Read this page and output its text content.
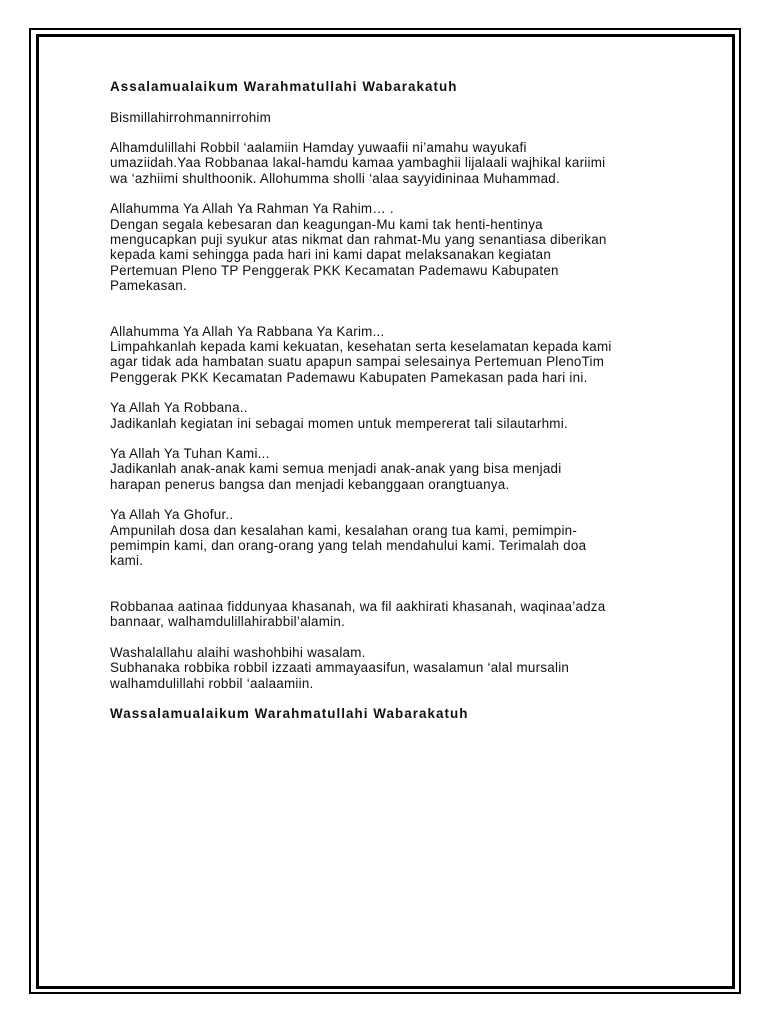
Assalamualaikum Warahmatullahi Wabarakatuh

Bismillahirrohmannirrohim

Alhamdulillahi Robbil ‘aalamiin Hamday yuwaafii ni’amahu wayukafi
umaziidah.Yaa Robbanaa lakal-hamdu kamaa yambaghii lijalaali wajhikal kariimi
wa ‘azhiimi shulthoonik. Allohumma sholli ‘alaa sayyidininaa Muhammad.

Allahumma Ya Allah Ya Rahman Ya Rahim… .
Dengan segala kebesaran dan keagungan-Mu kami tak henti-hentinya
mengucapkan puji syukur atas nikmat dan rahmat-Mu yang senantiasa diberikan
kepada kami sehingga pada hari ini kami dapat melaksanakan kegiatan
Pertemuan Pleno TP Penggerak PKK Kecamatan Pademawu Kabupaten
Pamekasan.

Allahumma Ya Allah Ya Rabbana Ya Karim...
Limpahkanlah kepada kami kekuatan, kesehatan serta keselamatan kepada kami
agar tidak ada hambatan suatu apapun sampai selesainya Pertemuan PlenoTim
Penggerak PKK Kecamatan Pademawu Kabupaten Pamekasan pada hari ini.

Ya Allah Ya Robbana..
Jadikanlah kegiatan ini sebagai momen untuk mempererat tali silautarhmi.

Ya Allah Ya Tuhan Kami...
Jadikanlah anak-anak kami semua menjadi anak-anak yang bisa menjadi
harapan penerus bangsa dan menjadi kebanggaan orangtuanya.

Ya Allah Ya Ghofur..
Ampunilah dosa dan kesalahan kami, kesalahan orang tua kami, pemimpin-
pemimpin kami, dan orang-orang yang telah mendahului kami. Terimalah doa
kami.

Robbanaa aatinaa fiddunyaa khasanah, wa fil aakhirati khasanah, waqinaa’adza
bannaar, walhamdulillahirabbil’alamin.

Washalallahu alaihi washohbihi wasalam.
Subhanaka robbika robbil izzaati ammayaasifun, wasalamun ‘alal mursalin
walhamdulillahi robbil ‘aalaamiin.

Wassalamualaikum Warahmatullahi Wabarakatuh
